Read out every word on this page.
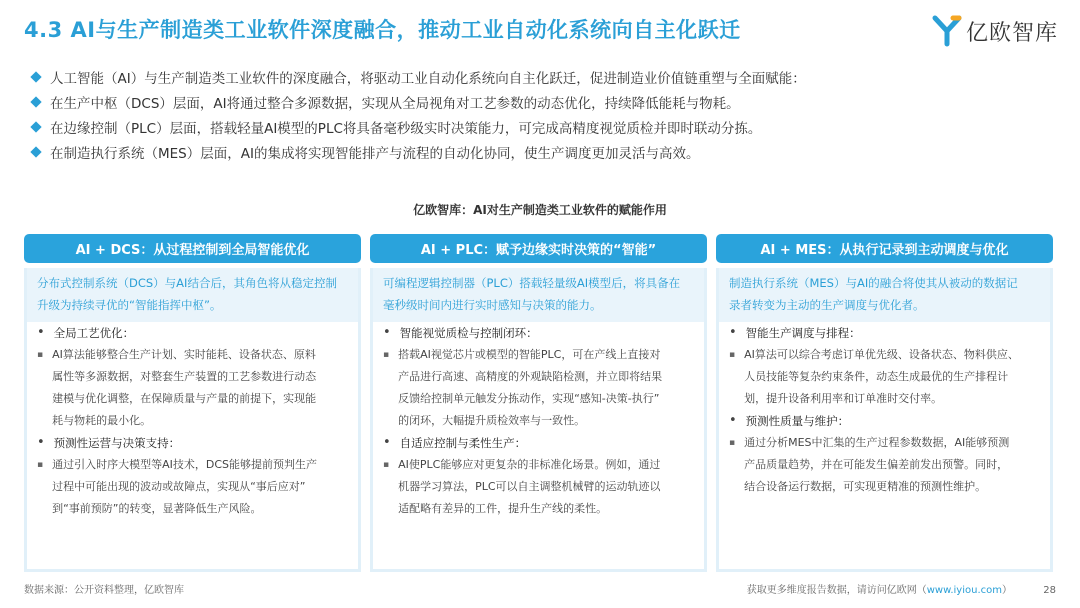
4.3 AI与生产制造类工业软件深度融合，推动工业自动化系统向自主化跃迁	亿欧智库
人工智能（AI）与生产制造类工业软件的深度融合，将驱动工业自动化系统向自主化跃迁，促进制造业价值链重塑与全面赋能：
在生产中枢（DCS）层面，AI将通过整合多源数据，实现从全局视角对工艺参数的动态优化，持续降低能耗与物耗。
在边缘控制（PLC）层面，搭载轻量AI模型的PLC将具备毫秒级实时决策能力，可完成高精度视觉质检并即时联动分拣。
在制造执行系统（MES）层面，AI的集成将实现智能排产与流程的自动化协同，使生产调度更加灵活与高效。
亿欧智库：AI对生产制造类工业软件的赋能作用
AI + DCS：从过程控制到全局智能优化
分布式控制系统（DCS）与AI结合后，其角色将从稳定控制
升级为持续寻优的“智能指挥中枢”。
• 全局工艺优化：
▪ AI算法能够整合生产计划、实时能耗、设备状态、原料
属性等多源数据，对整套生产装置的工艺参数进行动态
建模与优化调整，在保障质量与产量的前提下，实现能
耗与物耗的最小化。
• 预测性运营与决策支持：
▪ 通过引入时序大模型等AI技术，DCS能够提前预判生产
过程中可能出现的波动或故障点，实现从“事后应对”
到“事前预防”的转变，显著降低生产风险。
AI + PLC：赋予边缘实时决策的“智能”
可编程逻辑控制器（PLC）搭载轻量级AI模型后，将具备在
毫秒级时间内进行实时感知与决策的能力。
• 智能视觉质检与控制闭环：
▪ 搭载AI视觉芯片或模型的智能PLC，可在产线上直接对
产品进行高速、高精度的外观缺陷检测，并立即将结果
反馈给控制单元触发分拣动作，实现“感知-决策-执行”
的闭环，大幅提升质检效率与一致性。
• 自适应控制与柔性生产：
▪ AI使PLC能够应对更复杂的非标准化场景。例如，通过
机器学习算法，PLC可以自主调整机械臂的运动轨迹以
适配略有差异的工件，提升生产线的柔性。
AI + MES：从执行记录到主动调度与优化
制造执行系统（MES）与AI的融合将使其从被动的数据记
录者转变为主动的生产调度与优化者。
• 智能生产调度与排程：
▪ AI算法可以综合考虑订单优先级、设备状态、物料供应、
人员技能等复杂约束条件，动态生成最优的生产排程计
划，提升设备利用率和订单准时交付率。
• 预测性质量与维护：
▪ 通过分析MES中汇集的生产过程参数数据，AI能够预测
产品质量趋势，并在可能发生偏差前发出预警。同时，
结合设备运行数据，可实现更精准的预测性维护。
数据来源：公开资料整理，亿欧智库	获取更多维度报告数据，请访问亿欧网（www.iyiou.com）	28
